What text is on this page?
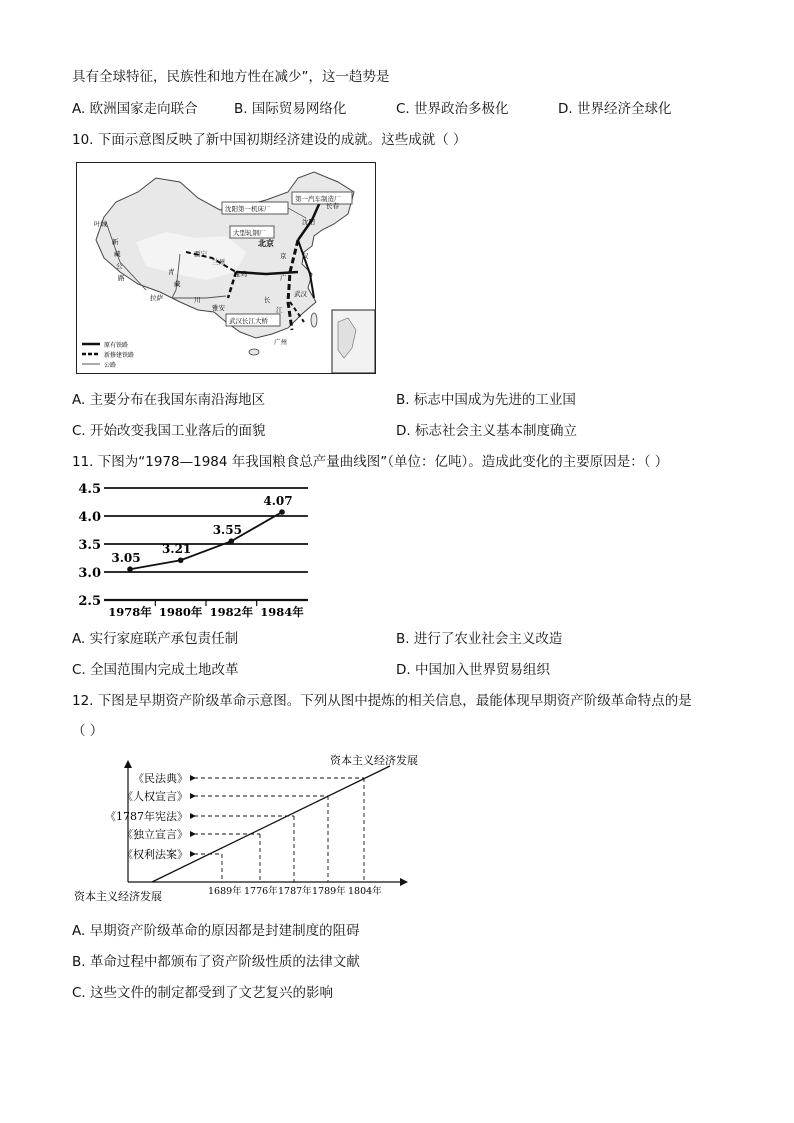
具有全球特征，民族性和地方性在减少”，这一趋势是
A. 欧洲国家走向联合	B. 国际贸易网络化	C. 世界政治多极化	D. 世界经济全球化
10. 下面示意图反映了新中国初期经济建设的成就。这些成就（ ）
沈阳第一机床厂
第一汽车制造厂
大型轧钢厂
武汉长江大桥
北京
沈阳
长春
广州
叶城
新
藏
公
路
西宁
兰州
宝鸡
青
藏
拉萨	川
雅安
武汉
长
京
广
汉
江
原有铁路
新修建铁路
公路
A. 主要分布在我国东南沿海地区	B. 标志中国成为先进的工业国
C. 开始改变我国工业落后的面貌	D. 标志社会主义基本制度确立
11. 下图为“1978—1984 年我国粮食总产量曲线图”（单位：亿吨）。造成此变化的主要原因是：（ ）
2.5
3.0
3.5
4.0
4.5
1978年 1980年 1982年 1984年
3.05
3.21
3.55
4.07
A. 实行家庭联产承包责任制	B. 进行了农业社会主义改造
C. 全国范围内完成土地改革	D. 中国加入世界贸易组织
12. 下图是早期资产阶级革命示意图。下列从图中提炼的相关信息，最能体现早期资产阶级革命特点的是
（ ）
资本主义经济发展
资本主义经济发展
《民法典》
《人权宣言》
《1787年宪法》
《独立宣言》
《权利法案》
1689年 1776年 1787年 1789年 1804年
A. 早期资产阶级革命的原因都是封建制度的阻碍
B. 革命过程中都颁布了资产阶级性质的法律文献
C. 这些文件的制定都受到了文艺复兴的影响
